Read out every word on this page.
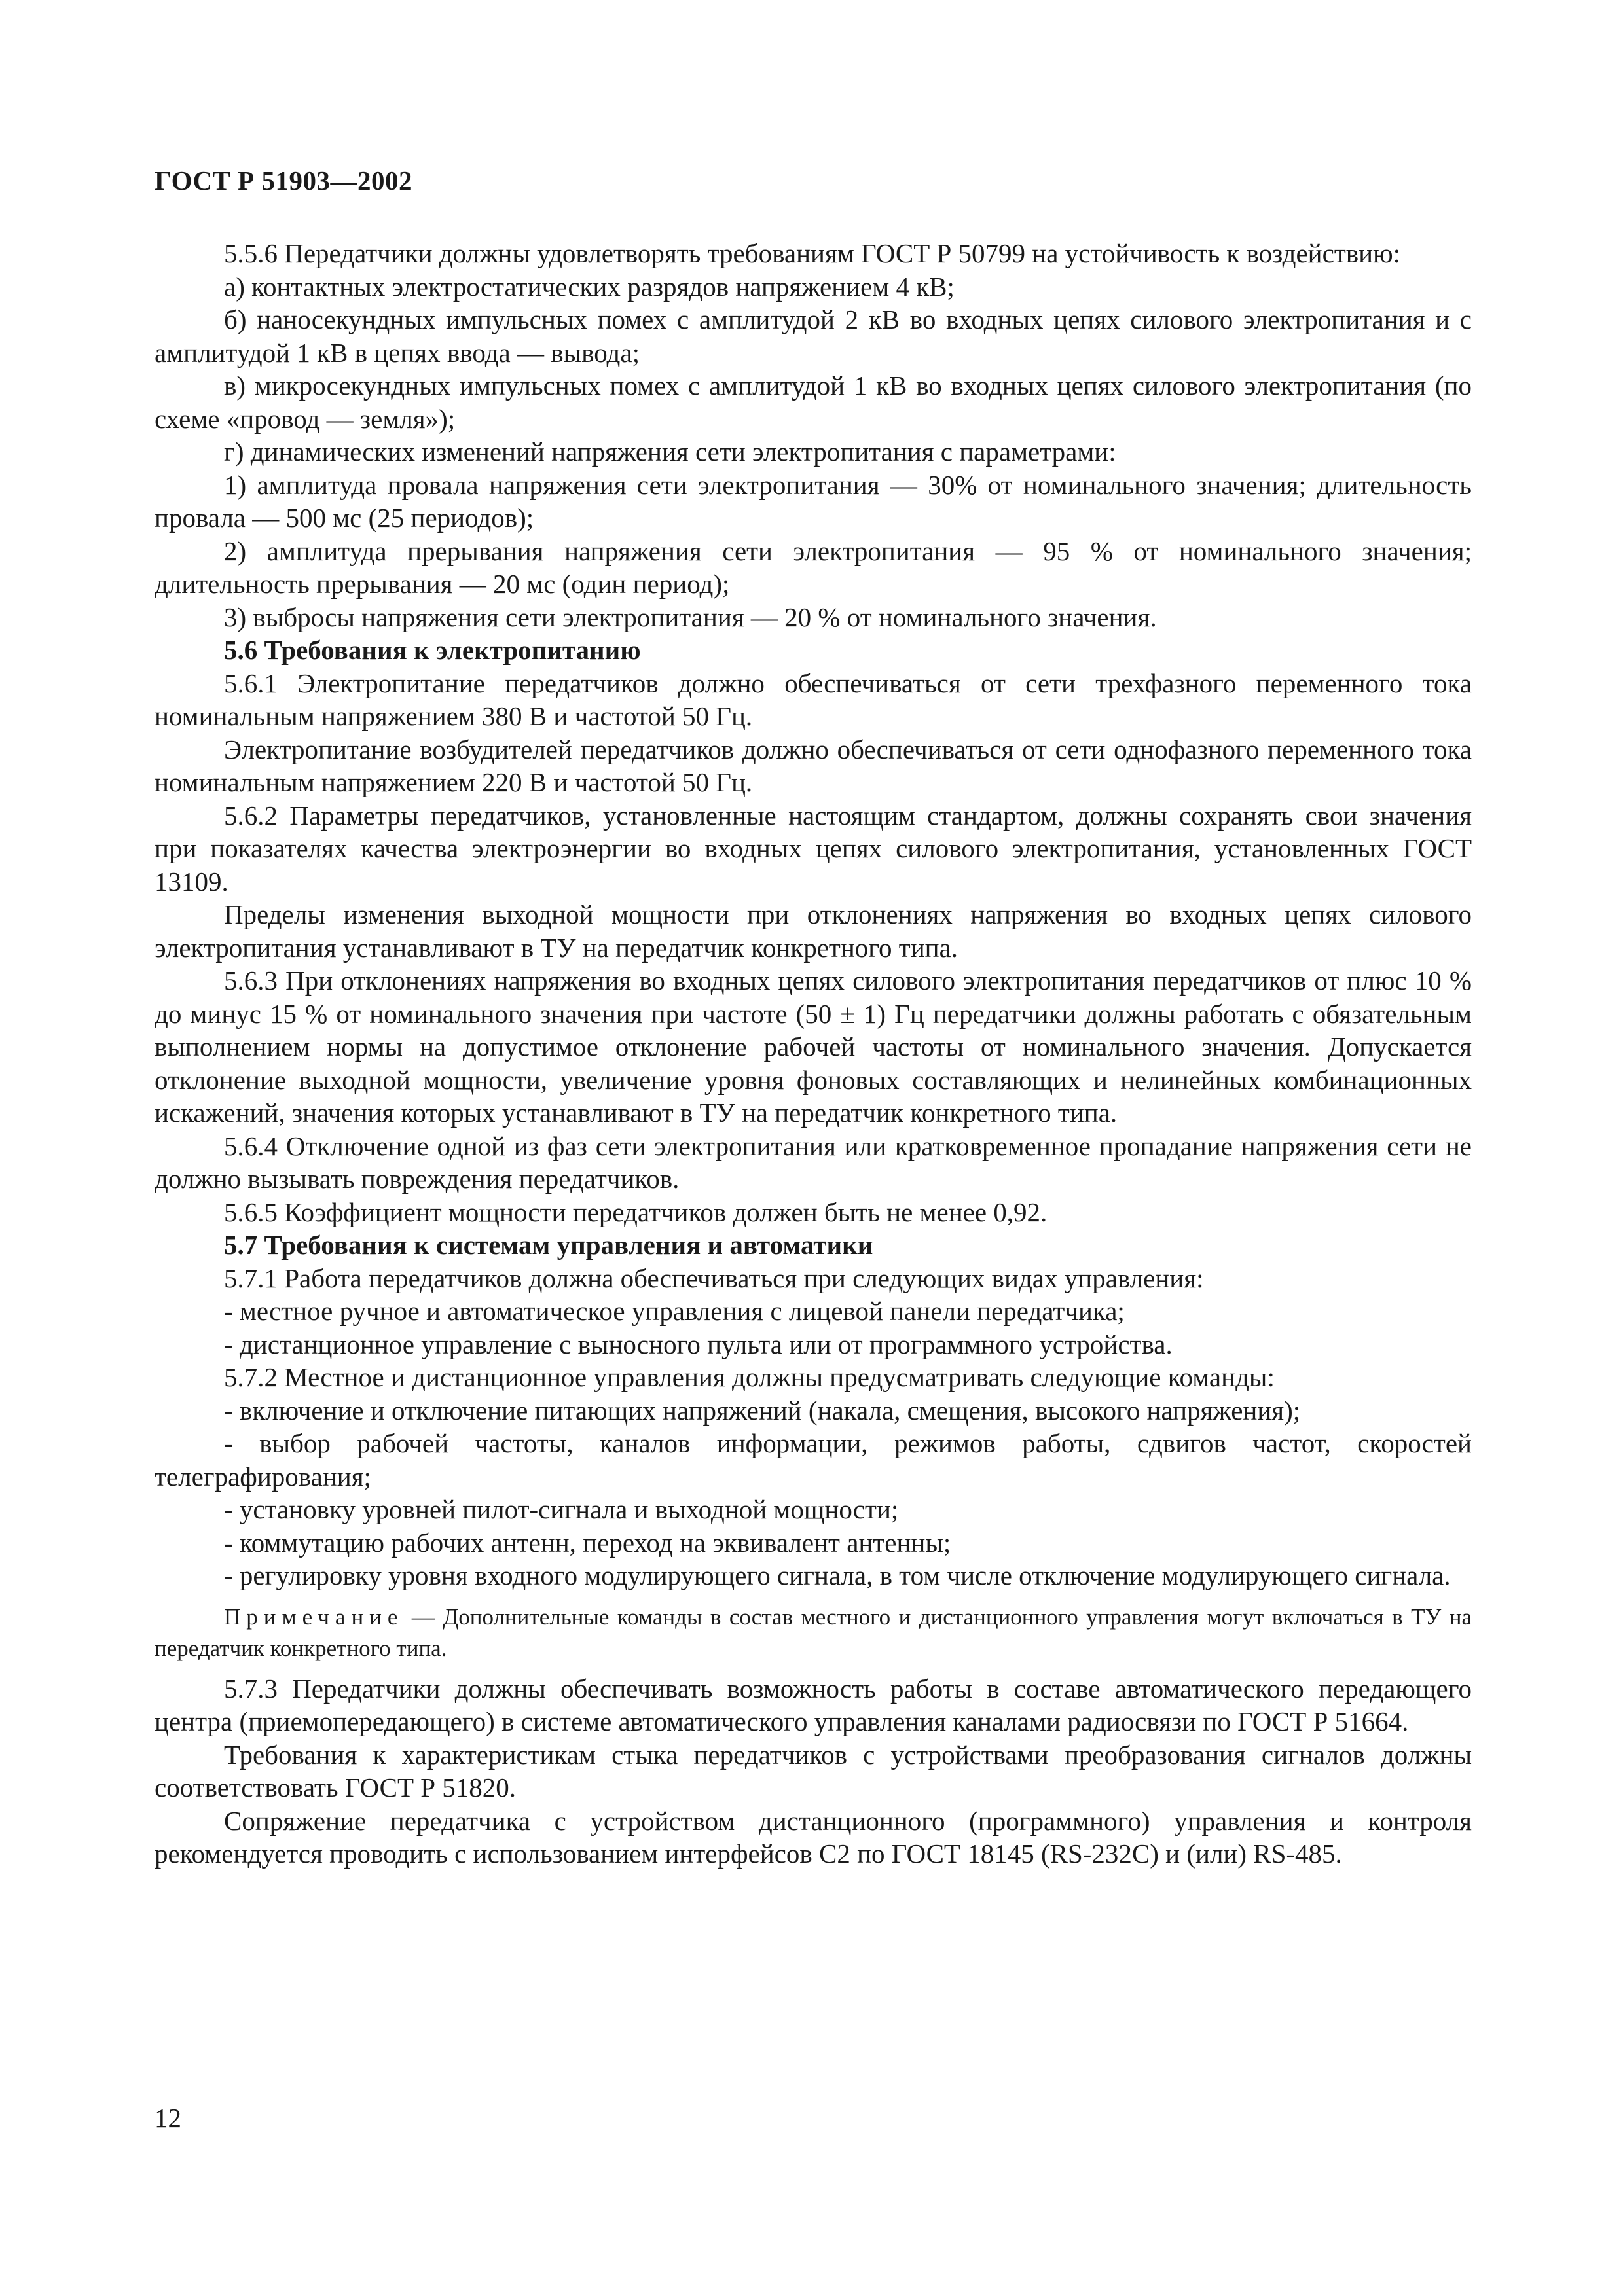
ГОСТ Р 51903—2002

5.5.6 Передатчики должны удовлетворять требованиям ГОСТ Р 50799 на устойчивость к воздействию:

а) контактных электростатических разрядов напряжением 4 кВ;

б) наносекундных импульсных помех с амплитудой 2 кВ во входных цепях силового электропитания и с амплитудой 1 кВ в цепях ввода — вывода;

в) микросекундных импульсных помех с амплитудой 1 кВ во входных цепях силового электропитания (по схеме «провод — земля»);

г) динамических изменений напряжения сети электропитания с параметрами:

1) амплитуда провала напряжения сети электропитания — 30% от номинального значения; длительность провала — 500 мс (25 периодов);

2) амплитуда прерывания напряжения сети электропитания — 95 % от номинального значения; длительность прерывания — 20 мс (один период);

3) выбросы напряжения сети электропитания — 20 % от номинального значения.

5.6 Требования к электропитанию

5.6.1 Электропитание передатчиков должно обеспечиваться от сети трехфазного переменного тока номинальным напряжением 380 В и частотой 50 Гц.

Электропитание возбудителей передатчиков должно обеспечиваться от сети однофазного переменного тока номинальным напряжением 220 В и частотой 50 Гц.

5.6.2 Параметры передатчиков, установленные настоящим стандартом, должны сохранять свои значения при показателях качества электроэнергии во входных цепях силового электропитания, установленных ГОСТ 13109.

Пределы изменения выходной мощности при отклонениях напряжения во входных цепях силового электропитания устанавливают в ТУ на передатчик конкретного типа.

5.6.3 При отклонениях напряжения во входных цепях силового электропитания передатчиков от плюс 10 % до минус 15 % от номинального значения при частоте (50 ± 1) Гц передатчики должны работать с обязательным выполнением нормы на допустимое отклонение рабочей частоты от номинального значения. Допускается отклонение выходной мощности, увеличение уровня фоновых составляющих и нелинейных комбинационных искажений, значения которых устанавливают в ТУ на передатчик конкретного типа.

5.6.4 Отключение одной из фаз сети электропитания или кратковременное пропадание напряжения сети не должно вызывать повреждения передатчиков.

5.6.5 Коэффициент мощности передатчиков должен быть не менее 0,92.

5.7 Требования к системам управления и автоматики

5.7.1 Работа передатчиков должна обеспечиваться при следующих видах управления:

- местное ручное и автоматическое управления с лицевой панели передатчика;

- дистанционное управление с выносного пульта или от программного устройства.

5.7.2 Местное и дистанционное управления должны предусматривать следующие команды:

- включение и отключение питающих напряжений (накала, смещения, высокого напряжения);

- выбор рабочей частоты, каналов информации, режимов работы, сдвигов частот, скоростей телеграфирования;

- установку уровней пилот-сигнала и выходной мощности;

- коммутацию рабочих антенн, переход на эквивалент антенны;

- регулировку уровня входного модулирующего сигнала, в том числе отключение модулирующего сигнала.

Примечание — Дополнительные команды в состав местного и дистанционного управления могут включаться в ТУ на передатчик конкретного типа.

5.7.3 Передатчики должны обеспечивать возможность работы в составе автоматического передающего центра (приемопередающего) в системе автоматического управления каналами радиосвязи по ГОСТ Р 51664.

Требования к характеристикам стыка передатчиков с устройствами преобразования сигналов должны соответствовать ГОСТ Р 51820.

Сопряжение передатчика с устройством дистанционного (программного) управления и контроля рекомендуется проводить с использованием интерфейсов С2 по ГОСТ 18145 (RS-232С) и (или) RS-485.

12
